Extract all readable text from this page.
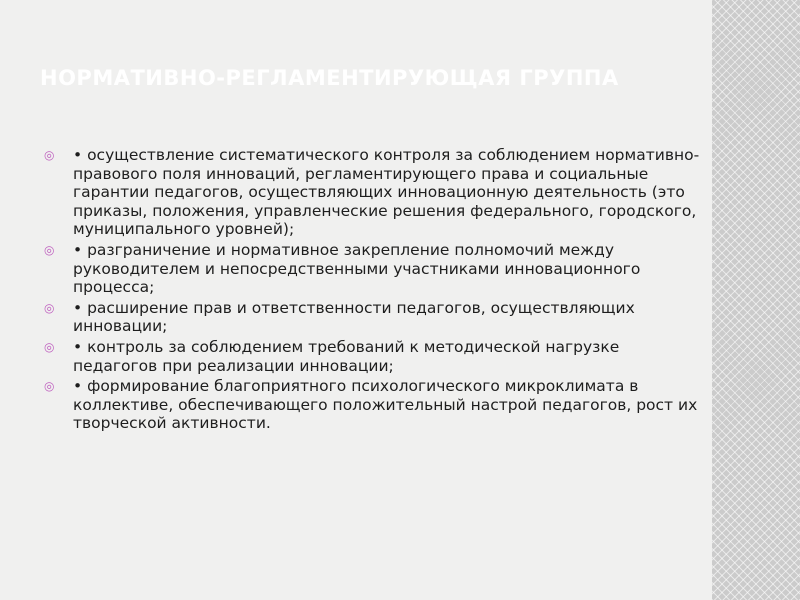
НОРМАТИВНО-РЕГЛАМЕНТИРУЮЩАЯ ГРУППА
◎ • осуществление систематического контроля за соблюдением нормативно-правового поля инноваций, регламентирующего права и социальные гарантии педагогов, осуществляющих инновационную деятельность (это приказы, положения, управленческие решения федерального, городского, муниципального уровней);
◎ • разграничение и нормативное закрепление полномочий между руководителем и непосредственными участниками инновационного процесса;
◎ • расширение прав и ответственности педагогов, осуществляющих инновации;
◎ • контроль за соблюдением требований к методической нагрузке педагогов при реализации инновации;
◎ • формирование благоприятного психологического микроклимата в коллективе, обеспечивающего положительный настрой педагогов, рост их творческой активности.
